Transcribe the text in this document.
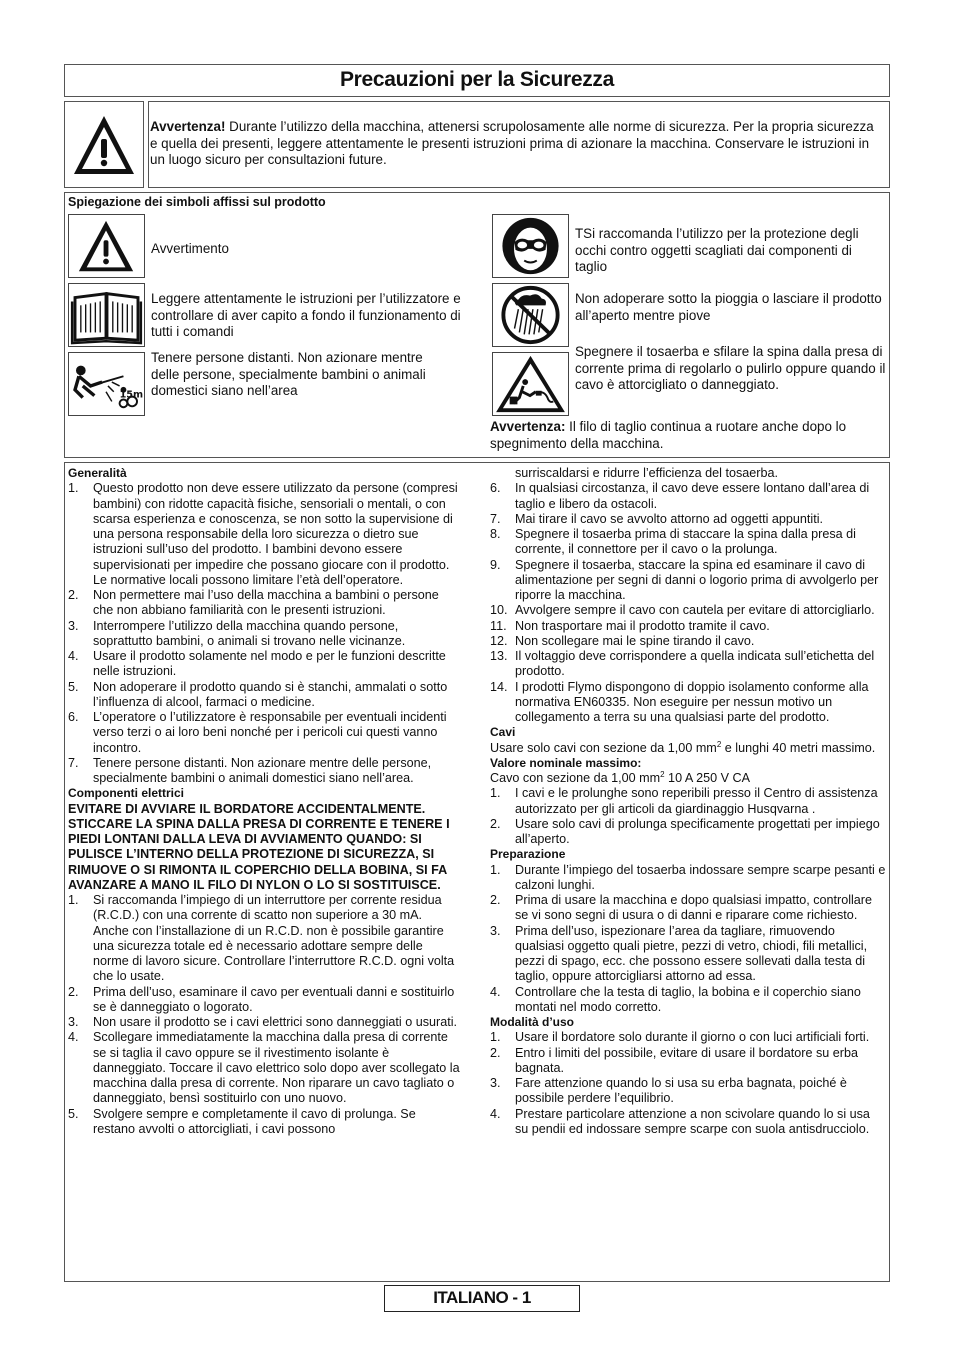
Precauzioni per la Sicurezza
Avvertenza! Durante l’utilizzo della macchina, attenersi scrupolosamente alle norme di sicurezza. Per la propria sicurezza e quella dei presenti, leggere attentamente le presenti istruzioni prima di azionare la macchina. Conservare le istruzioni in un luogo sicuro per consultazioni future.
Spiegazione dei simboli affissi sul prodotto
Avvertimento
Leggere attentamente le istruzioni per l’utilizzatore e controllare di aver capito a fondo il funzionamento di tutti i comandi
15m
Tenere persone distanti. Non azionare mentre delle persone, specialmente bambini o animali domestici siano nell’area
TSi raccomanda l’utilizzo per la protezione degli occhi contro oggetti scagliati dai componenti di taglio
Non adoperare sotto la pioggia o lasciare il prodotto all’aperto mentre piove
Spegnere il tosaerba e sfilare la spina dalla presa di corrente prima di regolarlo o pulirlo oppure quando il cavo è attorcigliato o danneggiato.
Avvertenza: Il filo di taglio continua a ruotare anche dopo lo spegnimento della macchina.
Generalità
1. Questo prodotto non deve essere utilizzato da persone (compresi bambini) con ridotte capacità fisiche, sensoriali o mentali, o con scarsa esperienza e conoscenza, se non sotto la supervisione di una persona responsabile della loro sicurezza o dietro sue istruzioni sull’uso del prodotto. I bambini devono essere supervisionati per impedire che possano giocare con il prodotto. Le normative locali possono limitare l’età dell’operatore.
2. Non permettere mai l’uso della macchina a bambini o persone che non abbiano familiarità con le presenti istruzioni.
3. Interrompere l’utilizzo della macchina quando persone, soprattutto bambini, o animali si trovano nelle vicinanze.
4. Usare il prodotto solamente nel modo e per le funzioni descritte nelle istruzioni.
5. Non adoperare il prodotto quando si è stanchi, ammalati o sotto l’influenza di alcool, farmaci o medicine.
6. L’operatore o l’utilizzatore è responsabile per eventuali incidenti verso terzi o ai loro beni nonché per i pericoli cui questi vanno incontro.
7. Tenere persone distanti. Non azionare mentre delle persone, specialmente bambini o animali domestici siano nell’area.
Componenti elettrici
EVITARE DI AVVIARE IL BORDATORE ACCIDENTALMENTE. STICCARE LA SPINA DALLA PRESA DI CORRENTE E TENERE I PIEDI LONTANI DALLA LEVA DI AVVIAMENTO QUANDO: SI PULISCE L’INTERNO DELLA PROTEZIONE DI SICUREZZA, SI RIMUOVE O SI RIMONTA IL COPERCHIO DELLA BOBINA, SI FA AVANZARE A MANO IL FILO DI NYLON O LO SI SOSTITUISCE.
1. Si raccomanda l’impiego di un interruttore per corrente residua (R.C.D.) con una corrente di scatto non superiore a 30 mA. Anche con l’installazione di un R.C.D. non è possibile garantire una sicurezza totale ed è necessario adottare sempre delle norme di lavoro sicure. Controllare l’interruttore R.C.D. ogni volta che lo usate.
2. Prima dell’uso, esaminare il cavo per eventuali danni e sostituirlo se è danneggiato o logorato.
3. Non usare il prodotto se i cavi elettrici sono danneggiati o usurati.
4. Scollegare immediatamente la macchina dalla presa di corrente se si taglia il cavo oppure se il rivestimento isolante è danneggiato. Toccare il cavo elettrico solo dopo aver scollegato la macchina dalla presa di corrente. Non riparare un cavo tagliato o danneggiato, bensì sostituirlo con uno nuovo.
5. Svolgere sempre e completamente il cavo di prolunga. Se restano avvolti o attorcigliati, i cavi possono
surriscaldarsi e ridurre l’efficienza del tosaerba.
6. In qualsiasi circostanza, il cavo deve essere lontano dall’area di taglio e libero da ostacoli.
7. Mai tirare il cavo se avvolto attorno ad oggetti appuntiti.
8. Spegnere il tosaerba prima di staccare la spina dalla presa di corrente, il connettore per il cavo o la prolunga.
9. Spegnere il tosaerba, staccare la spina ed esaminare il cavo di alimentazione per segni di danni o logorio prima di avvolgerlo per riporre la macchina.
10. Avvolgere sempre il cavo con cautela per evitare di attorcigliarlo.
11. Non trasportare mai il prodotto tramite il cavo.
12. Non scollegare mai le spine tirando il cavo.
13. Il voltaggio deve corrispondere a quella indicata sull’etichetta del prodotto.
14. I prodotti Flymo dispongono di doppio isolamento conforme alla normativa EN60335. Non eseguire per nessun motivo un collegamento a terra su una qualsiasi parte del prodotto.
Cavi
Usare solo cavi con sezione da 1,00 $mm^2$ e lunghi 40 metri massimo.
Valore nominale massimo:
Cavo con sezione da 1,00 $mm^2$ 10 A 250 V CA
1. I cavi e le prolunghe sono reperibili presso il Centro di assistenza autorizzato per gli articoli da giardinaggio Husqvarna .
2. Usare solo cavi di prolunga specificamente progettati per impiego all’aperto.
Preparazione
1. Durante l’impiego del tosaerba indossare sempre scarpe pesanti e calzoni lunghi.
2. Prima di usare la macchina e dopo qualsiasi impatto, controllare se vi sono segni di usura o di danni e riparare come richiesto.
3. Prima dell’uso, ispezionare l’area da tagliare, rimuovendo qualsiasi oggetto quali pietre, pezzi di vetro, chiodi, fili metallici, pezzi di spago, ecc. che possono essere sollevati dalla testa di taglio, oppure attorcigliarsi attorno ad essa.
4. Controllare che la testa di taglio, la bobina e il coperchio siano montati nel modo corretto.
Modalità d’uso
1. Usare il bordatore solo durante il giorno o con luci artificiali forti.
2. Entro i limiti del possibile, evitare di usare il bordatore su erba bagnata.
3. Fare attenzione quando lo si usa su erba bagnata, poiché è possibile perdere l’equilibrio.
4. Prestare particolare attenzione a non scivolare quando lo si usa su pendii ed indossare sempre scarpe con suola antisdrucciolo.
ITALIANO - 1
